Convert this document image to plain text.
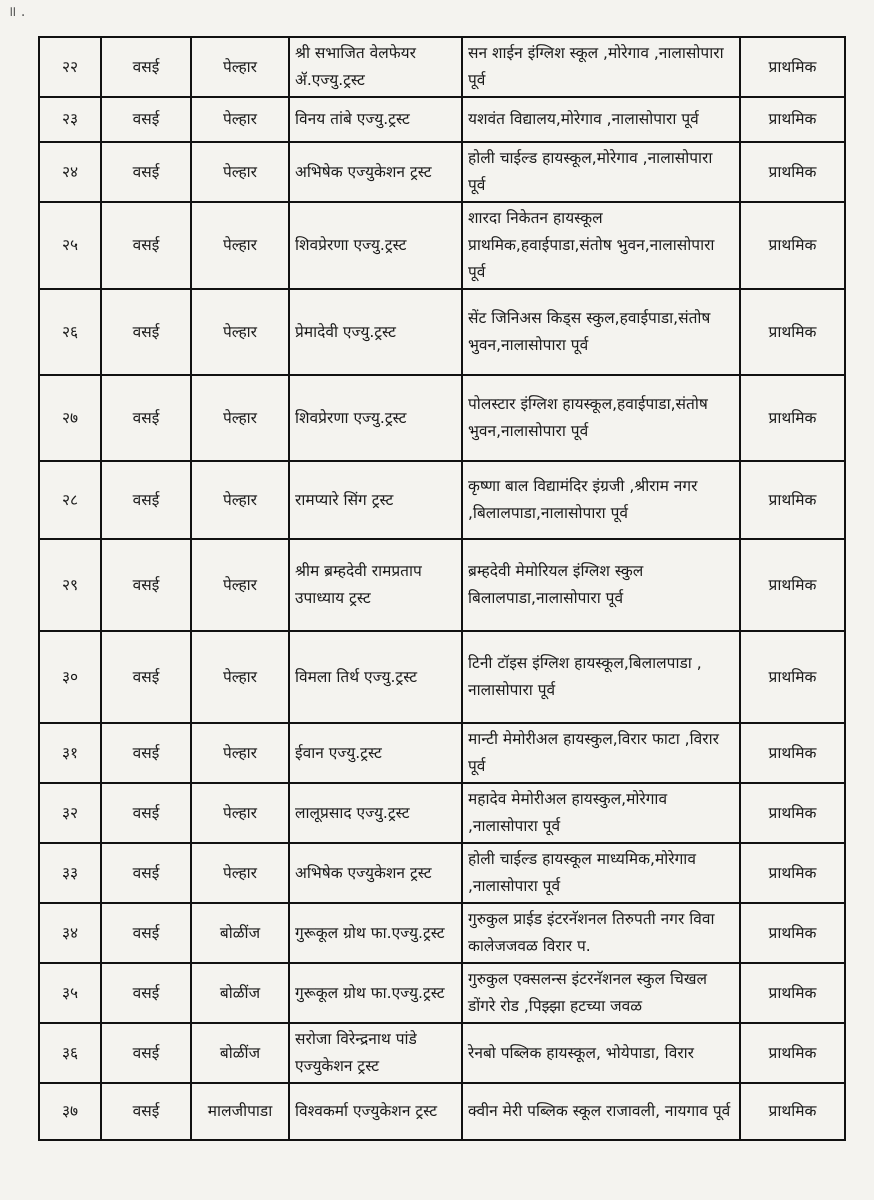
॥ .
२२	वसई	पेल्हार	श्री सभाजित वेलफेयर ॲ.एज्यु.ट्रस्ट	सन शाईन इंग्लिश स्कूल ,मोरेगाव ,नालासोपारा पूर्व	प्राथमिक
२३	वसई	पेल्हार	विनय तांबे एज्यु.ट्रस्ट	यशवंत विद्यालय,मोरेगाव ,नालासोपारा पूर्व	प्राथमिक
२४	वसई	पेल्हार	अभिषेक एज्युकेशन ट्रस्ट	होली चाईल्ड हायस्कूल,मोरेगाव ,नालासोपारा पूर्व	प्राथमिक
२५	वसई	पेल्हार	शिवप्रेरणा एज्यु.ट्रस्ट	शारदा निकेतन हायस्कूल प्राथमिक,हवाईपाडा,संतोष भुवन,नालासोपारा पूर्व	प्राथमिक
२६	वसई	पेल्हार	प्रेमादेवी एज्यु.ट्रस्ट	सेंट जिनिअस किड्स स्कुल,हवाईपाडा,संतोष भुवन,नालासोपारा पूर्व	प्राथमिक
२७	वसई	पेल्हार	शिवप्रेरणा एज्यु.ट्रस्ट	पोलस्टार इंग्लिश हायस्कूल,हवाईपाडा,संतोष भुवन,नालासोपारा पूर्व	प्राथमिक
२८	वसई	पेल्हार	रामप्यारे सिंग ट्रस्ट	कृष्णा बाल विद्यामंदिर इंग्रजी ,श्रीराम नगर ,बिलालपाडा,नालासोपारा पूर्व	प्राथमिक
२९	वसई	पेल्हार	श्रीम ब्रम्हदेवी रामप्रताप उपाध्याय ट्रस्ट	ब्रम्हदेवी मेमोरियल इंग्लिश स्कुल बिलालपाडा,नालासोपारा पूर्व	प्राथमिक
३०	वसई	पेल्हार	विमला तिर्थ एज्यु.ट्रस्ट	टिनी टॉइस इंग्लिश हायस्कूल,बिलालपाडा , नालासोपारा पूर्व	प्राथमिक
३१	वसई	पेल्हार	ईवान एज्यु.ट्रस्ट	मान्टी मेमोरीअल हायस्कुल,विरार फाटा ,विरार पूर्व	प्राथमिक
३२	वसई	पेल्हार	लालूप्रसाद एज्यु.ट्रस्ट	महादेव मेमोरीअल हायस्कुल,मोरेगाव ,नालासोपारा पूर्व	प्राथमिक
३३	वसई	पेल्हार	अभिषेक एज्युकेशन ट्रस्ट	होली चाईल्ड हायस्कूल माध्यमिक,मोरेगाव ,नालासोपारा पूर्व	प्राथमिक
३४	वसई	बोळींज	गुरूकूल ग्रोथ फा.एज्यु.ट्रस्ट	गुरुकुल प्राईड इंटरनॅशनल तिरुपती नगर विवा कालेजजवळ विरार प.	प्राथमिक
३५	वसई	बोळींज	गुरूकूल ग्रोथ फा.एज्यु.ट्रस्ट	गुरुकुल एक्सलन्स इंटरनॅशनल स्कुल चिखल डोंगरे रोड ,पिझ्झा हटच्या जवळ	प्राथमिक
३६	वसई	बोळींज	सरोजा विरेन्द्रनाथ पांडे एज्युकेशन ट्रस्ट	रेनबो पब्लिक हायस्कूल, भोयेपाडा, विरार	प्राथमिक
३७	वसई	मालजीपाडा	विश्वकर्मा एज्युकेशन ट्रस्ट	क्वीन मेरी पब्लिक स्कूल राजावली, नायगाव पूर्व	प्राथमिक
